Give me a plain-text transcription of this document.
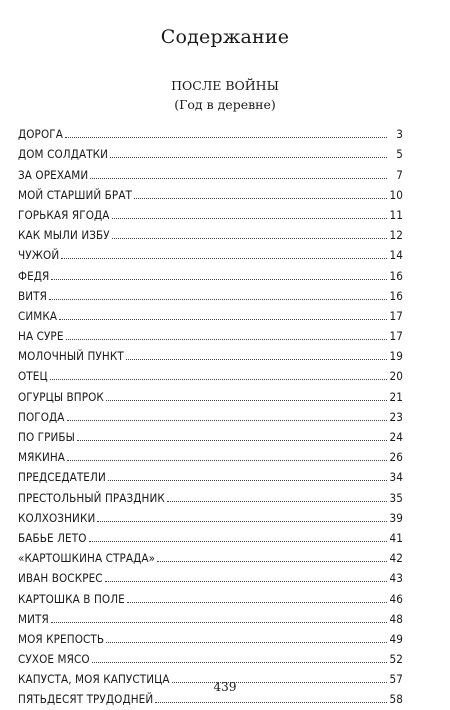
Содержание
ПОСЛЕ ВОЙНЫ
(Год в деревне)
ДОРОГА	3
ДОМ СОЛДАТКИ	5
ЗА ОРЕХАМИ	7
МОЙ СТАРШИЙ БРАТ	10
ГОРЬКАЯ ЯГОДА	11
КАК МЫЛИ ИЗБУ	12
ЧУЖОЙ	14
ФЕДЯ	16
ВИТЯ	16
СИМКА	17
НА СУРЕ	17
МОЛОЧНЫЙ ПУНКТ	19
ОТЕЦ	20
ОГУРЦЫ ВПРОК	21
ПОГОДА	23
ПО ГРИБЫ	24
МЯКИНА	26
ПРЕДСЕДАТЕЛИ	34
ПРЕСТОЛЬНЫЙ ПРАЗДНИК	35
КОЛХОЗНИКИ	39
БАБЬЕ ЛЕТО	41
«КАРТОШКИНА СТРАДА»	42
ИВАН ВОСКРЕС	43
КАРТОШКА В ПОЛЕ	46
МИТЯ	48
МОЯ КРЕПОСТЬ	49
СУХОЕ МЯСО	52
КАПУСТА, МОЯ КАПУСТИЦА	57
ПЯТЬДЕСЯТ ТРУДОДНЕЙ	58
439
